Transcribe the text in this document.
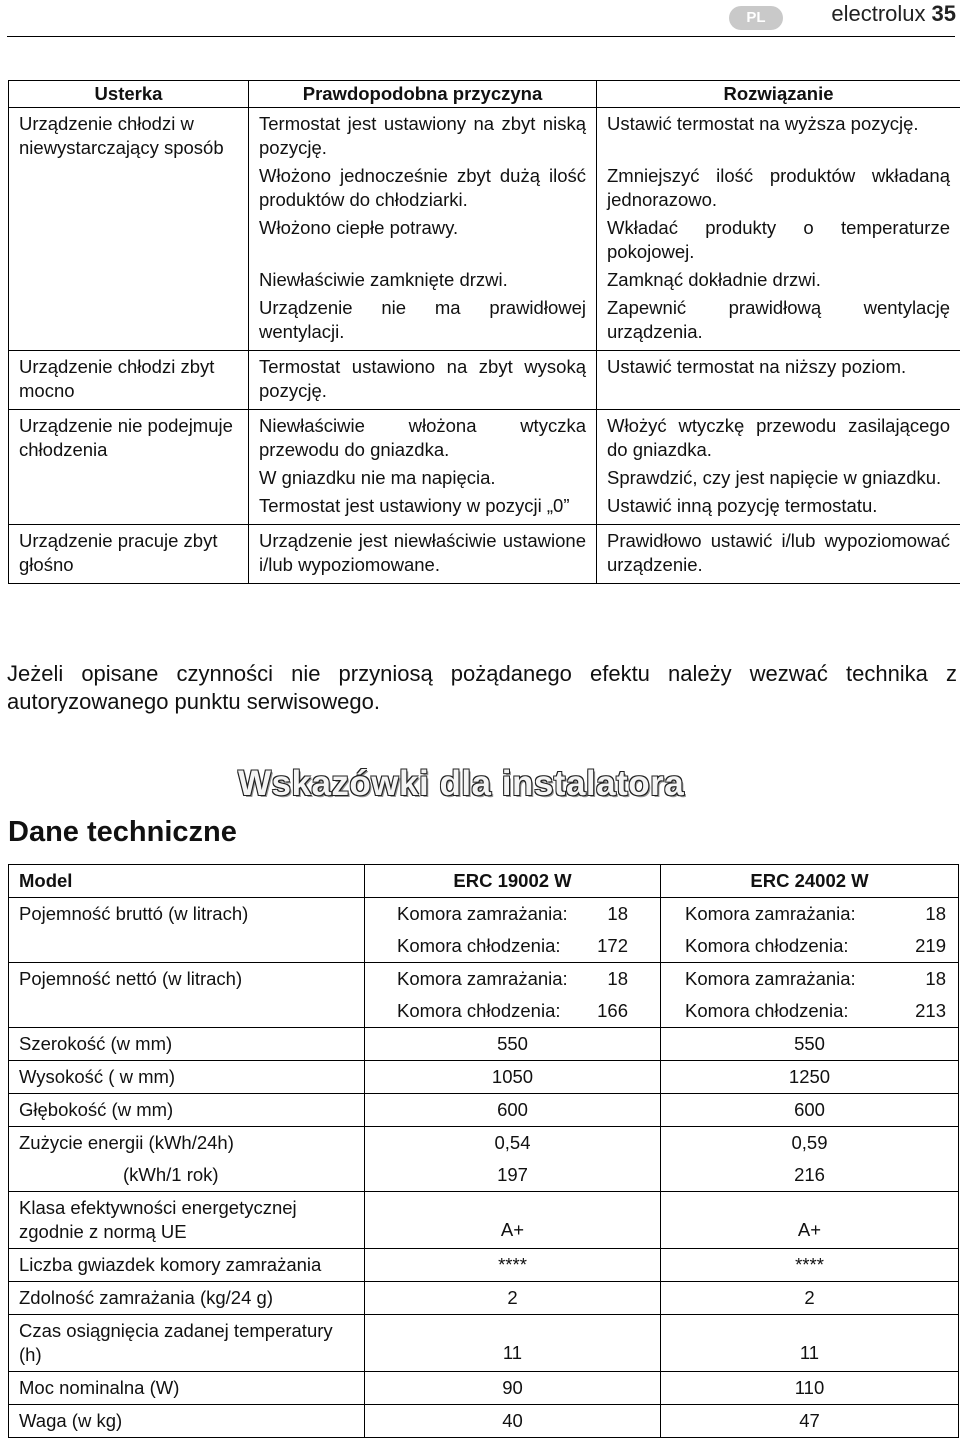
PL	electrolux 35
Usterka	Prawdopodobna przyczyna	Rozwiązanie
Urządzenie chłodzi w niewystarczający sposób	Termostat jest ustawiony na zbyt niską pozycję.	Ustawić termostat na wyższa pozycję.
	Włożono jednocześnie zbyt dużą ilość produktów do chłodziarki.	Zmniejszyć ilość produktów wkładaną jednorazowo.
	Włożono ciepłe potrawy.	Wkładać produkty o temperaturze pokojowej.
	Niewłaściwie zamknięte drzwi.	Zamknąć dokładnie drzwi.
	Urządzenie nie ma prawidłowej wentylacji.	Zapewnić prawidłową wentylację urządzenia.
Urządzenie chłodzi zbyt mocno	Termostat ustawiono na zbyt wysoką pozycję.	Ustawić termostat na niższy poziom.
Urządzenie nie podejmuje chłodzenia	Niewłaściwie włożona wtyczka przewodu do gniazdka.	Włożyć wtyczkę przewodu zasilającego do gniazdka.
	W gniazdku nie ma napięcia.	Sprawdzić, czy jest napięcie w gniazdku.
	Termostat jest ustawiony w pozycji „0”	Ustawić inną pozycję termostatu.
Urządzenie pracuje zbyt głośno	Urządzenie jest niewłaściwie ustawione i/lub wypoziomowane.	Prawidłowo ustawić i/lub wypoziomować urządzenie.
Jeżeli opisane czynności nie przyniosą pożądanego efektu należy wezwać technika z autoryzowanego punktu serwisowego.
Wskazówki dla instalatora
Dane techniczne
Model	ERC 19002 W	ERC 24002 W
Pojemność bruttó (w litrach)	Komora zamrażania: 18	Komora zamrażania: 18

	Komora chłodzenia: 172	Komora chłodzenia: 219

Pojemność nettó (w litrach)	Komora zamrażania: 18	Komora zamrażania: 18

	Komora chłodzenia: 166	Komora chłodzenia: 213

Szerokość (w mm)	550	550
Wysokość ( w mm)	1050	1250
Głębokość (w mm)	600	600
Zużycie energii (kWh/24h)	0,54	0,59
(kWh/1 rok)	197	216
Klasa efektywności energetycznej zgodnie z normą UE	A+	A+
Liczba gwiazdek komory zamrażania	****	****
Zdolność zamrażania (kg/24 g)	2	2
Czas osiągnięcia zadanej temperatury (h)	11	11
Moc nominalna (W)	90	110
Waga (w kg)	40	47
